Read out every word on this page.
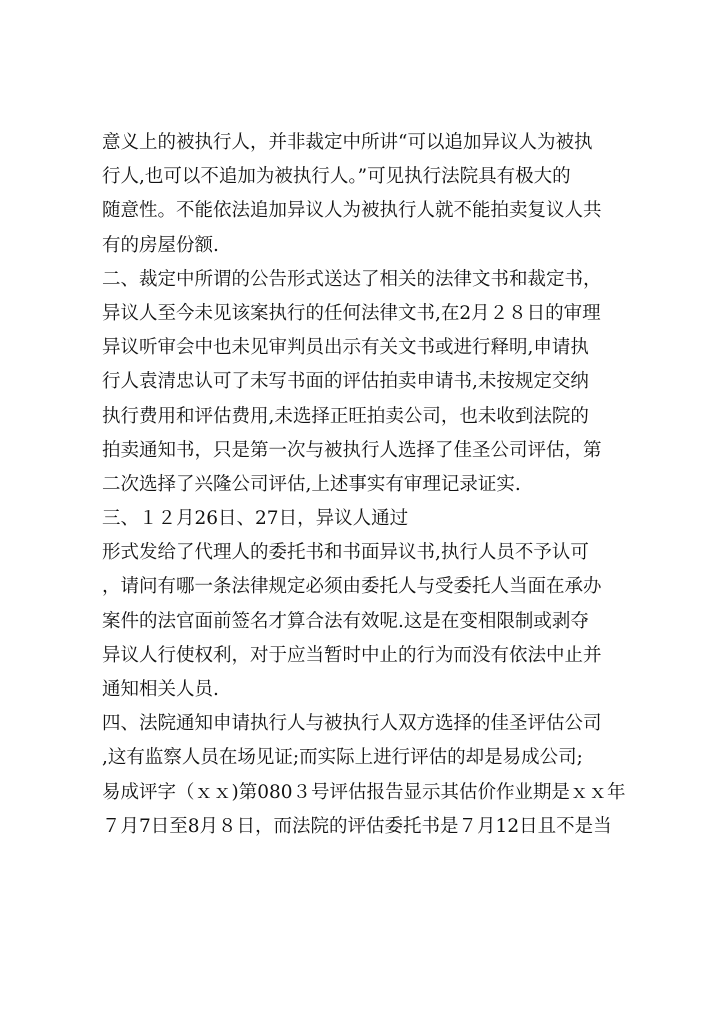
意义上的被执行人，并非裁定中所讲“可以追加异议人为被执
行人,也可以不追加为被执行人。”可见执行法院具有极大的
随意性。不能依法追加异议人为被执行人就不能拍卖复议人共
有的房屋份额.
二、裁定中所谓的公告形式送达了相关的法律文书和裁定书，
异议人至今未见该案执行的任何法律文书,在2月２８日的审理
异议听审会中也未见审判员出示有关文书或进行释明,申请执
行人袁清忠认可了未写书面的评估拍卖申请书,未按规定交纳
执行费用和评估费用,未选择正旺拍卖公司，也未收到法院的
拍卖通知书，只是第一次与被执行人选择了佳圣公司评估，第
二次选择了兴隆公司评估,上述事实有审理记录证实.
三、１２月26日、27日，异议人通过
形式发给了代理人的委托书和书面异议书,执行人员不予认可
，请问有哪一条法律规定必须由委托人与受委托人当面在承办
案件的法官面前签名才算合法有效呢.这是在变相限制或剥夺
异议人行使权利，对于应当暂时中止的行为而没有依法中止并
通知相关人员.
四、法院通知申请执行人与被执行人双方选择的佳圣评估公司
,这有监察人员在场见证;而实际上进行评估的却是易成公司;
易成评字（ｘｘ)第080３号评估报告显示其估价作业期是ｘｘ年
７月7日至8月８日，而法院的评估委托书是７月12日且不是当
